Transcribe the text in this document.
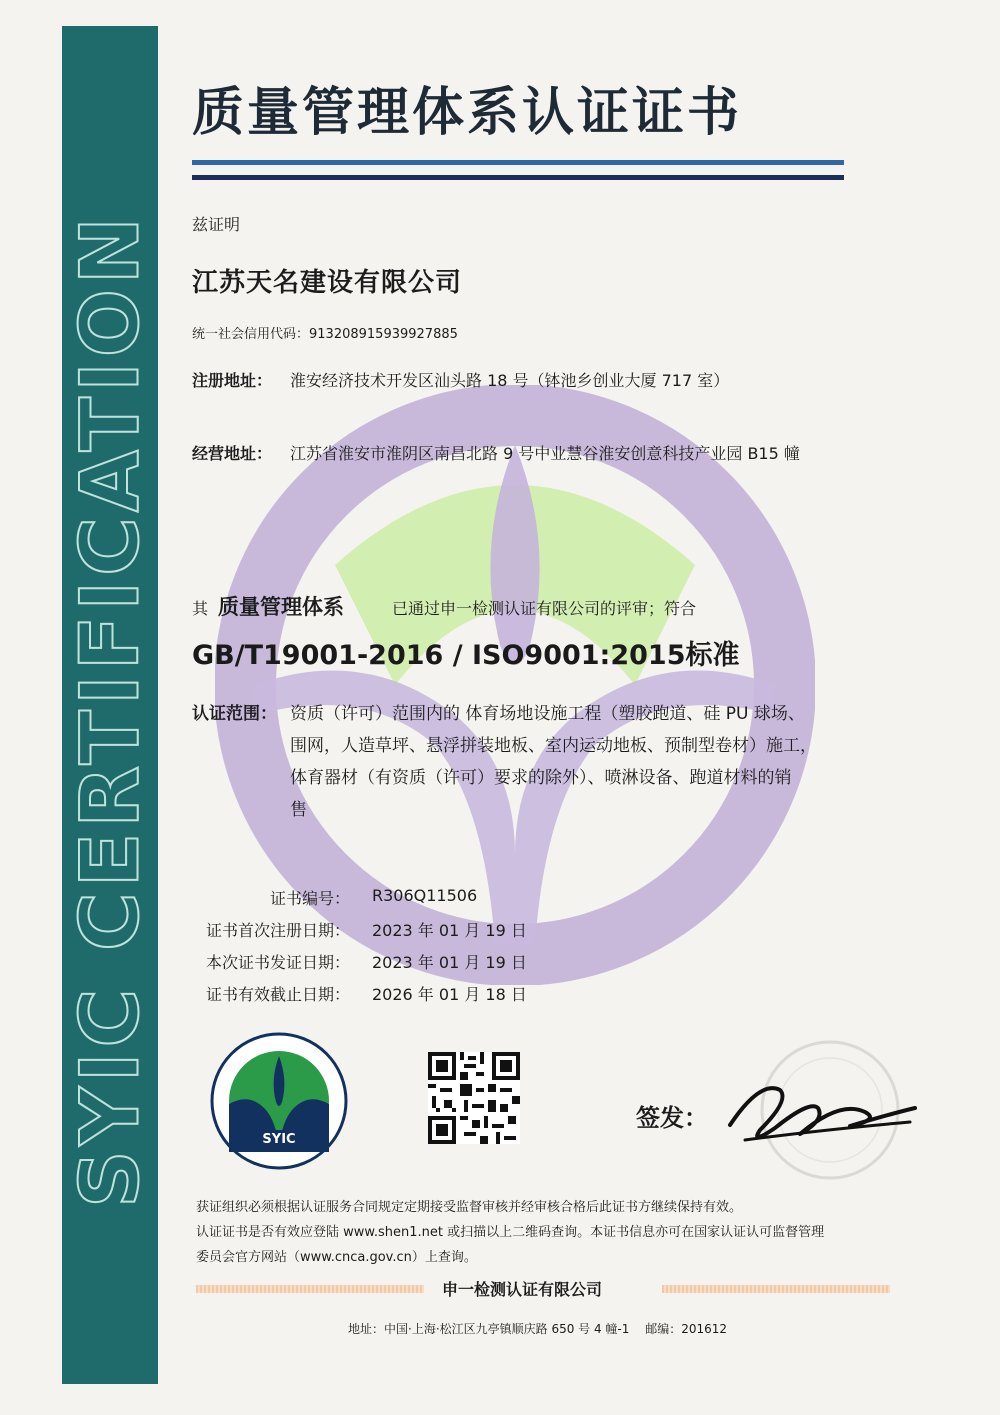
SYIC CERTIFICATION
质量管理体系认证证书
兹证明
江苏天名建设有限公司
统一社会信用代码：913208915939927885
注册地址： 淮安经济技术开发区汕头路 18 号（钵池乡创业大厦 717 室）
经营地址： 江苏省淮安市淮阴区南昌北路 9 号中业慧谷淮安创意科技产业园 B15 幢
其 质量管理体系	已通过申一检测认证有限公司的评审；符合
GB/T19001-2016 / ISO9001:2015标准
认证范围： 资质（许可）范围内的 体育场地设施工程（塑胶跑道、硅 PU 球场、
围网，人造草坪、悬浮拼装地板、室内运动地板、预制型卷材）施工，
体育器材（有资质（许可）要求的除外）、喷淋设备、跑道材料的销
售
证书编号： R306Q11506
证书首次注册日期： 2023 年 01 月 19 日
本次证书发证日期： 2023 年 01 月 19 日
证书有效截止日期： 2026 年 01 月 18 日
SYIC
签发：
获证组织必须根据认证服务合同规定定期接受监督审核并经审核合格后此证书方继续保持有效。
认证证书是否有效应登陆 www.shen1.net 或扫描以上二维码查询。本证书信息亦可在国家认证认可监督管理
委员会官方网站（www.cnca.gov.cn）上查询。
申一检测认证有限公司
地址：中国·上海·松江区九亭镇顺庆路 650 号 4 幢-1　 邮编：201612
